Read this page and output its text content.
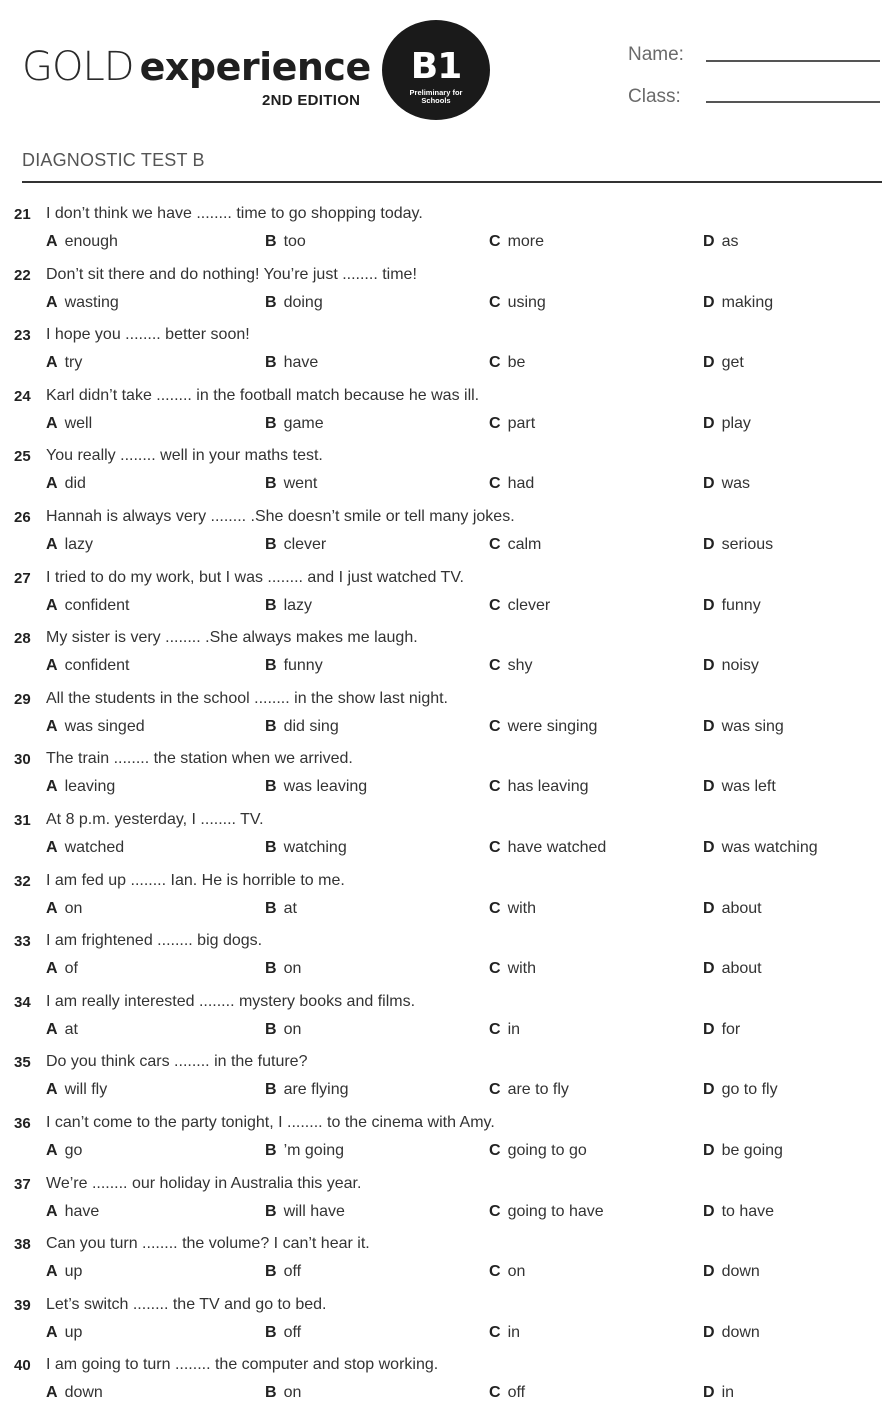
GOLD experience
2ND EDITION
B1
Preliminary for Schools
Name:
Class:
DIAGNOSTIC TEST B
21 I don’t think we have ........ time to go shopping today.
A enough	B too	C more	D as
22 Don’t sit there and do nothing! You’re just ........ time!
A wasting	B doing	C using	D making
23 I hope you ........ better soon!
A try	B have	C be	D get
24 Karl didn’t take ........ in the football match because he was ill.
A well	B game	C part	D play
25 You really ........ well in your maths test.
A did	B went	C had	D was
26 Hannah is always very ........ .She doesn’t smile or tell many jokes.
A lazy	B clever	C calm	D serious
27 I tried to do my work, but I was ........ and I just watched TV.
A confident	B lazy	C clever	D funny
28 My sister is very ........ .She always makes me laugh.
A confident	B funny	C shy	D noisy
29 All the students in the school ........ in the show last night.
A was singed	B did sing	C were singing	D was sing
30 The train ........ the station when we arrived.
A leaving	B was leaving	C has leaving	D was left
31 At 8 p.m. yesterday, I ........ TV.
A watched	B watching	C have watched	D was watching
32 I am fed up ........ Ian. He is horrible to me.
A on	B at	C with	D about
33 I am frightened ........ big dogs.
A of	B on	C with	D about
34 I am really interested ........ mystery books and films.
A at	B on	C in	D for
35 Do you think cars ........ in the future?
A will fly	B are flying	C are to fly	D go to fly
36 I can’t come to the party tonight, I ........ to the cinema with Amy.
A go	B ’m going	C going to go	D be going
37 We’re ........ our holiday in Australia this year.
A have	B will have	C going to have	D to have
38 Can you turn ........ the volume? I can’t hear it.
A up	B off	C on	D down
39 Let’s switch ........ the TV and go to bed.
A up	B off	C in	D down
40 I am going to turn ........ the computer and stop working.
A down	B on	C off	D in
